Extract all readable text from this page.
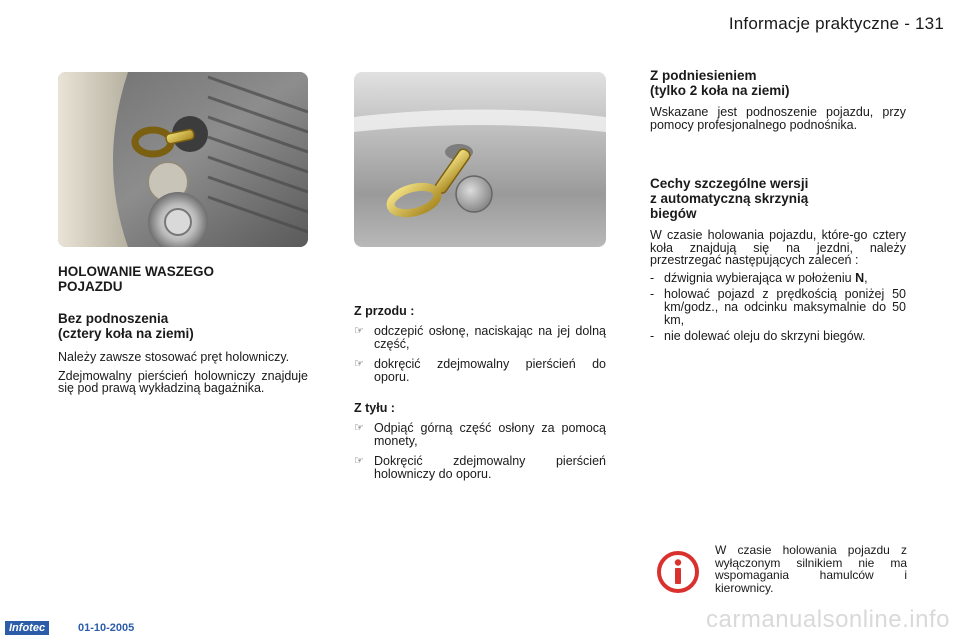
Informacje praktyczne - 131
HOLOWANIE WASZEGO
POJAZDU
Bez podnoszenia
(cztery koła na ziemi)

Należy zawsze stosować pręt holowniczy.

Zdejmowalny pierścień holowniczy znajduje się pod prawą wykładziną bagażnika.

Z przodu :
☞ odczepić osłonę, naciskając na jej dolną część,
☞ dokręcić zdejmowalny pierścień do oporu.
Z tyłu :
☞ Odpiąć górną część osłony za pomocą monety,
☞ Dokręcić zdejmowalny pierścień holowniczy do oporu.
Z podniesieniem
(tylko 2 koła na ziemi)

Wskazane jest podnoszenie pojazdu, przy pomocy profesjonalnego podnośnika.

Cechy szczególne wersji
z automatyczną skrzynią
biegów

W czasie holowania pojazdu, które-go cztery koła znajdują się na jezdni, należy przestrzegać następujących zaleceń :

- dźwignia wybierająca w położeniu N,
- holować pojazd z prędkością poniżej 50 km/godz., na odcinku maksymalnie do 50 km,
- nie dolewać oleju do skrzyni biegów.
W czasie holowania pojazdu z wyłączonym silnikiem nie ma wspomagania hamulców i kierownicy.
Infotec	01-10-2005	carmanualsonline.info
